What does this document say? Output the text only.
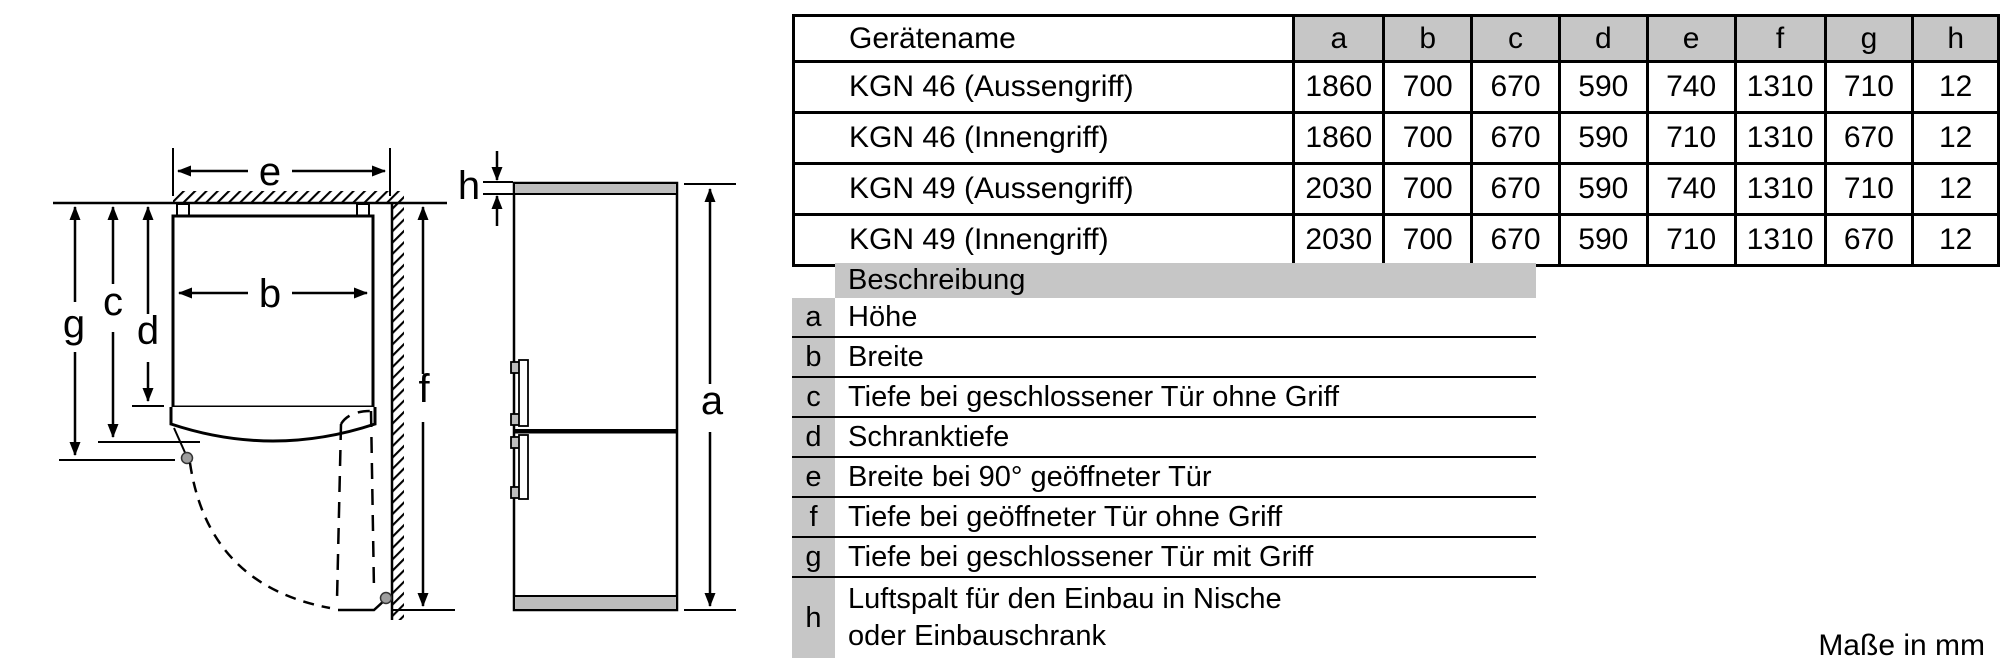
e
b
g c
d
f
h
a
Gerätename	a	b	c	d	e	f	g	h
KGN 46 (Aussengriff)	1860	700	670	590	740	1310	710	12
KGN 46 (Innengriff)	1860	700	670	590	710	1310	670	12
KGN 49 (Aussengriff)	2030	700	670	590	740	1310	710	12
KGN 49 (Innengriff)	2030	700	670	590	710	1310	670	12
Beschreibung
a Höhe
b Breite
c Tiefe bei geschlossener Tür ohne Griff
d Schranktiefe
e Breite bei 90° geöffneter Tür
f	Tiefe bei geöffneter Tür ohne Griff
g Tiefe bei geschlossener Tür mit Griff
h
Luftspalt für den Einbau in Nische
oder Einbauschrank	Maße in mm
